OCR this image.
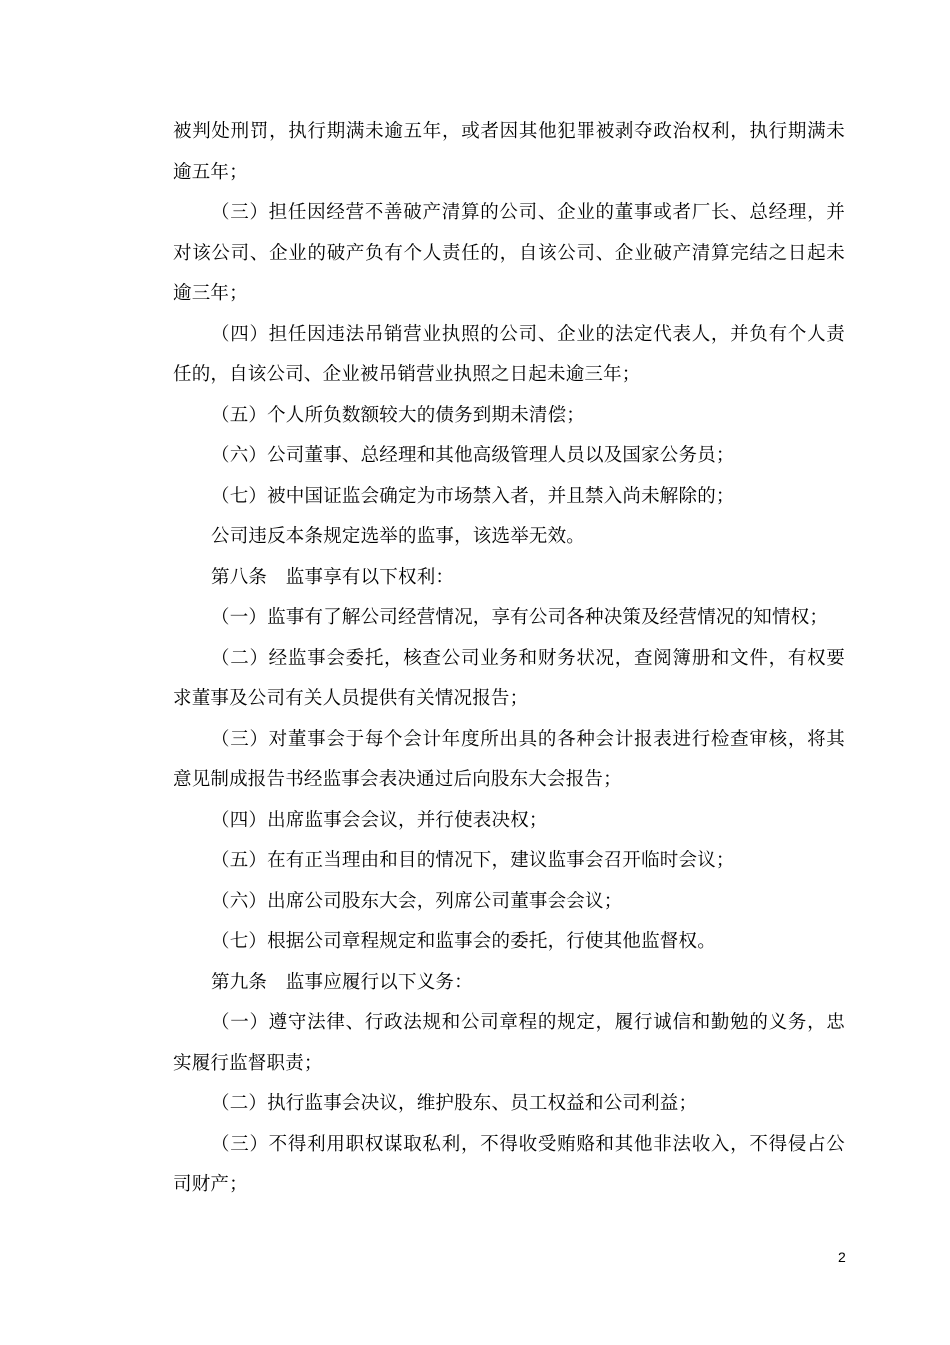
被判处刑罚，执行期满未逾五年，或者因其他犯罪被剥夺政治权利，执行期满未逾五年；

（三）担任因经营不善破产清算的公司、企业的董事或者厂长、总经理，并对该公司、企业的破产负有个人责任的，自该公司、企业破产清算完结之日起未逾三年；

（四）担任因违法吊销营业执照的公司、企业的法定代表人，并负有个人责任的，自该公司、企业被吊销营业执照之日起未逾三年；

（五）个人所负数额较大的债务到期未清偿；

（六）公司董事、总经理和其他高级管理人员以及国家公务员；

（七）被中国证监会确定为市场禁入者，并且禁入尚未解除的；

公司违反本条规定选举的监事，该选举无效。

第八条　监事享有以下权利：

（一）监事有了解公司经营情况，享有公司各种决策及经营情况的知情权；

（二）经监事会委托，核查公司业务和财务状况，查阅簿册和文件，有权要求董事及公司有关人员提供有关情况报告；

（三）对董事会于每个会计年度所出具的各种会计报表进行检查审核，将其意见制成报告书经监事会表决通过后向股东大会报告；

（四）出席监事会会议，并行使表决权；

（五）在有正当理由和目的情况下，建议监事会召开临时会议；

（六）出席公司股东大会，列席公司董事会会议；

（七）根据公司章程规定和监事会的委托，行使其他监督权。

第九条　监事应履行以下义务：

（一）遵守法律、行政法规和公司章程的规定，履行诚信和勤勉的义务，忠实履行监督职责；

（二）执行监事会决议，维护股东、员工权益和公司利益；

（三）不得利用职权谋取私利，不得收受贿赂和其他非法收入，不得侵占公司财产；

2
